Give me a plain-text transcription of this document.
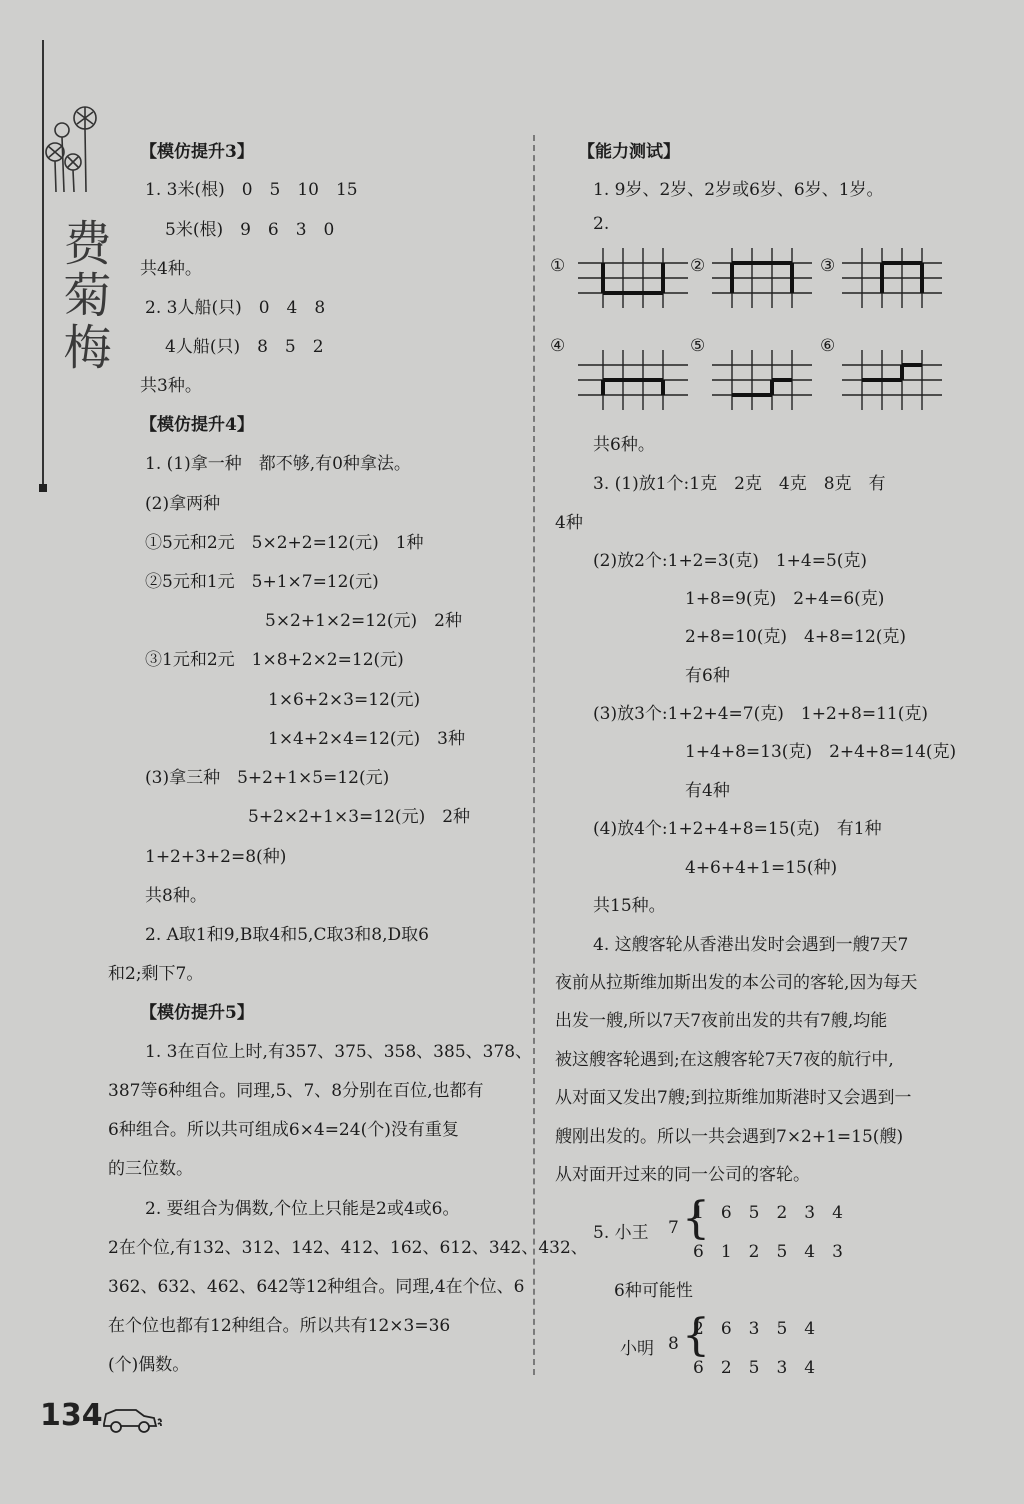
费菊梅
【模仿提升3】
1. 3米(根)　0　5　10　15
5米(根)　9　6　3　0
共4种。
2. 3人船(只)　0　4　8
4人船(只)　8　5　2
共3种。
【模仿提升4】
1. (1)拿一种　都不够,有0种拿法。
(2)拿两种
①5元和2元　5×2+2=12(元)　1种
②5元和1元　5+1×7=12(元)
5×2+1×2=12(元)　2种
③1元和2元　1×8+2×2=12(元)
1×6+2×3=12(元)
1×4+2×4=12(元)　3种
(3)拿三种　5+2+1×5=12(元)
5+2×2+1×3=12(元)　2种
1+2+3+2=8(种)
共8种。
2. A取1和9,B取4和5,C取3和8,D取6
和2;剩下7。
【模仿提升5】
1. 3在百位上时,有357、375、358、385、378、
387等6种组合。同理,5、7、8分别在百位,也都有
6种组合。所以共可组成6×4=24(个)没有重复
的三位数。
2. 要组合为偶数,个位上只能是2或4或6。
2在个位,有132、312、142、412、162、612、342、432、
362、632、462、642等12种组合。同理,4在个位、6
在个位也都有12种组合。所以共有12×3=36
(个)偶数。
【能力测试】
1. 9岁、2岁、2岁或6岁、6岁、1岁。
2.
①	②	③
④	⑤	⑥
共6种。
3. (1)放1个:1克　2克　4克　8克　有
4种
(2)放2个:1+2=3(克)　1+4=5(克)
1+8=9(克)　2+4=6(克)
2+8=10(克)　4+8=12(克)
有6种
(3)放3个:1+2+4=7(克)　1+2+8=11(克)
1+4+8=13(克)　2+4+8=14(克)
有4种
(4)放4个:1+2+4+8=15(克)　有1种
4+6+4+1=15(种)
共15种。
4. 这艘客轮从香港出发时会遇到一艘7天7
夜前从拉斯维加斯出发的本公司的客轮,因为每天
出发一艘,所以7天7夜前出发的共有7艘,均能
被这艘客轮遇到;在这艘客轮7天7夜的航行中,
从对面又发出7艘;到拉斯维加斯港时又会遇到一
艘刚出发的。所以一共会遇到7×2+1=15(艘)
从对面开过来的同一公司的客轮。
5. 小王 7 {
1　6　5　2　3　4
6　1　2　5　4　3
6种可能性
小明 8 {
2　6　3　5　4
6　2　5　3　4
134
